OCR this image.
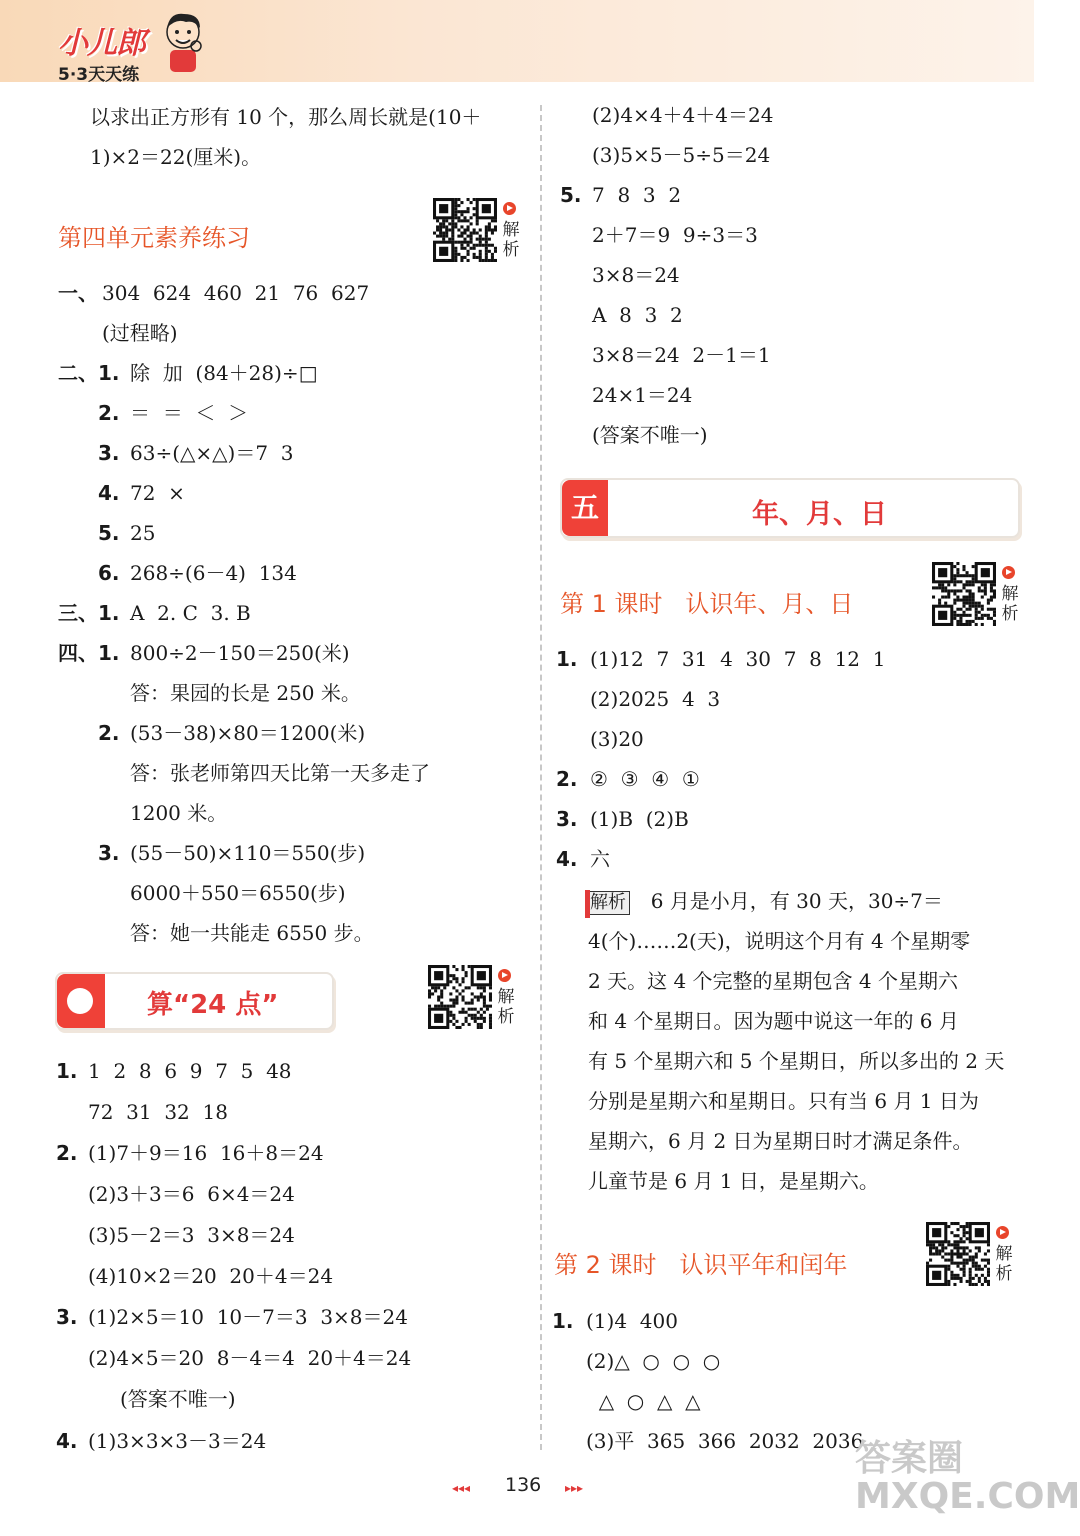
小儿郎
5·3天天练
一、 304  624  460  21  76  627
(过程略)
二、1. 除  加  (84＋28)÷□
2. ＝  ＝  ＜  ＞
3. 63÷(△×△)＝7  3
4. 72  ×
5. 25
6. 268÷(6－4)  134
三、1. A  2. C  3. B
四、1. 800÷2－150＝250(米)
答：果园的长是 250 米。
2. (53－38)×80＝1200(米)
答：张老师第四天比第一天多走了
1200 米。
3. (55－50)×110＝550(步)
6000＋550＝6550(步)
答：她一共能走 6550 步。
1. 1  2  8  6  9  7  5  48
72  31  32  18
2. (1)7＋9＝16  16＋8＝24
(2)3＋3＝6  6×4＝24
(3)5－2＝3  3×8＝24
(4)10×2＝20  20＋4＝24
3. (1)2×5＝10  10－7＝3  3×8＝24
(2)4×5＝20  8－4＝4  20＋4＝24
(答案不唯一)
4. (1)3×3×3－3＝24
(2)4×4＋4＋4＝24
(3)5×5－5÷5＝24
5. 7  8  3  2
2＋7＝9  9÷3＝3
3×8＝24
A  8  3  2
3×8＝24  2－1＝1
24×1＝24
(答案不唯一)
1. (1)12  7  31  4  30  7  8  12  1
(2)2025  4  3
(3)20
2. ②  ③  ④  ①
3. (1)B  (2)B
4. 六
4(个)……2(天)，说明这个月有 4 个星期零
2 天。这 4 个完整的星期包含 4 个星期六
和 4 个星期日。因为题中说这一年的 6 月
有 5 个星期六和 5 个星期日，所以多出的 2 天
分别是星期六和星期日。只有当 6 月 1 日为
星期六，6 月 2 日为星期日时才满足条件。
儿童节是 6 月 1 日，是星期六。
1. (1)4  400
(2)△  ○  ○  ○
△  ○  △  △
(3)平  365  366  2032  2036
以求出正方形有 10 个，那么周长就是(10＋
1)×2＝22(厘米)。
第四单元素养练习
算“24 点”
五	年、月、日
第 1 课时   认识年、月、日
第 2 课时   认识平年和闰年
解析 6 月是小月，有 30 天，30÷7＝
解析
解析
解析
解析
◂◂◂ 136 ▸▸▸
答案圈 MXQE.COM
